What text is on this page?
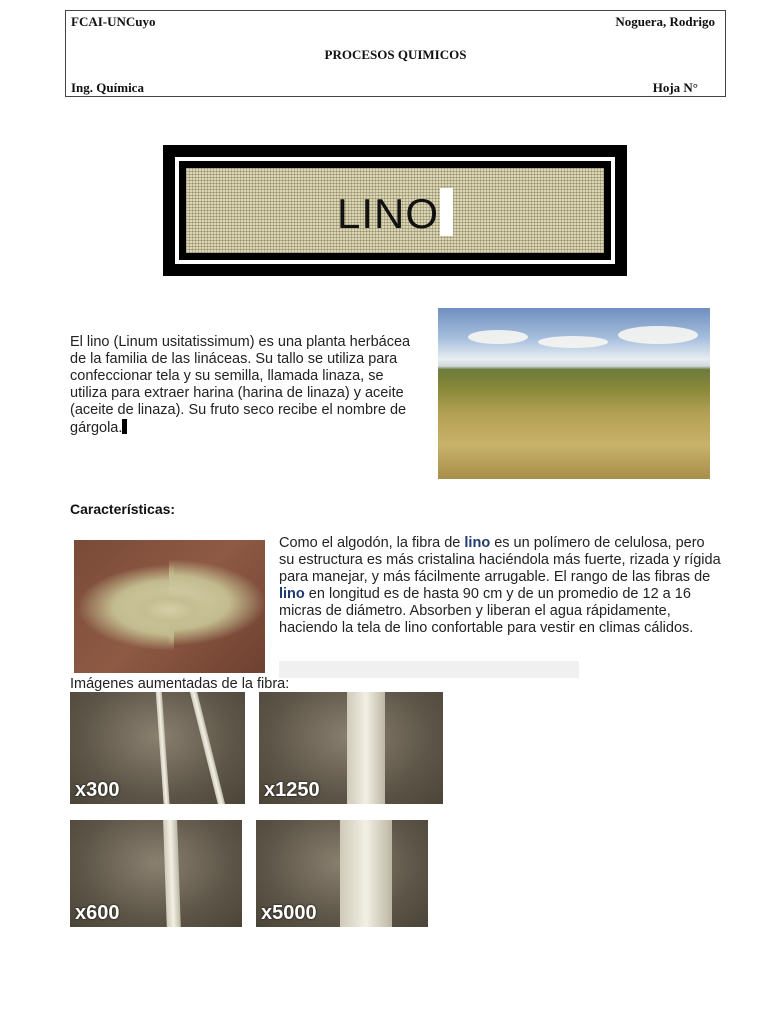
FCAI-UNCuyo	Noguera, Rodrigo
PROCESOS QUIMICOS
Ing. Química	Hoja N°
LINO
El lino (Linum usitatissimum) es una planta herbácea de la familia de las lináceas. Su tallo se utiliza para confeccionar tela y su semilla, llamada linaza, se utiliza para extraer harina (harina de linaza) y aceite (aceite de linaza). Su fruto seco recibe el nombre de gárgola.
Características:
Como el algodón, la fibra de lino es un polímero de celulosa, pero su estructura es más cristalina haciéndola más fuerte, rizada y rígida para manejar, y más fácilmente arrugable. El rango de las fibras de lino en longitud es de hasta 90 cm y de un promedio de 12 a 16 micras de diámetro. Absorben y liberan el agua rápidamente, haciendo la tela de lino confortable para vestir en climas cálidos.
Imágenes aumentadas de la fibra:
x300	x1250
x600	x5000
